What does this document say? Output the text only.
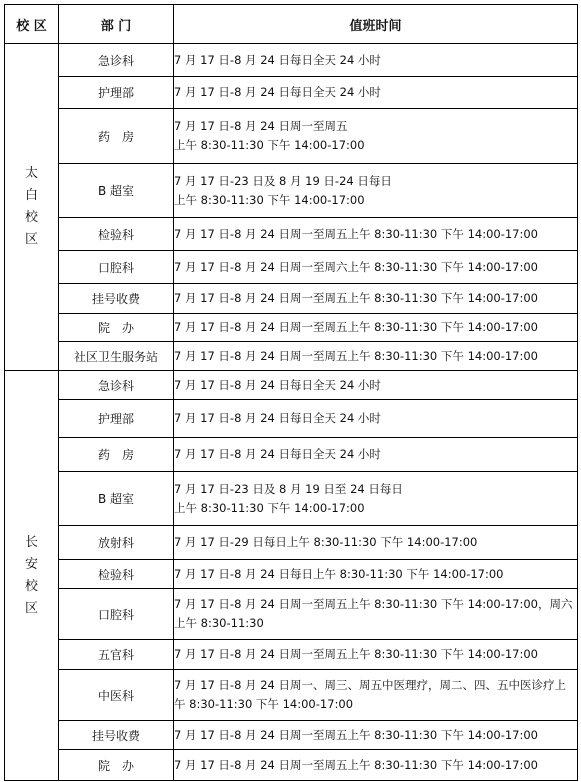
校 区	部 门	值班时间
太白校区	急诊科	7 月 17 日-8 月 24 日每日全天 24 小时
	护理部	7 月 17 日-8 月 24 日每日全天 24 小时
	药　房	7 月 17 日-8 月 24 日周一至周五
上午 8:30-11:30 下午 14:00-17:00
	B 超室	7 月 17 日-23 日及 8 月 19 日-24 日每日
上午 8:30-11:30 下午 14:00-17:00
	检验科	7 月 17 日-8 月 24 日周一至周五上午 8:30-11:30 下午 14:00-17:00
	口腔科	7 月 17 日-8 月 24 日周一至周六上午 8:30-11:30 下午 14:00-17:00
	挂号收费	7 月 17 日-8 月 24 日周一至周五上午 8:30-11:30 下午 14:00-17:00
	院　办	7 月 17 日-8 月 24 日周一至周五上午 8:30-11:30 下午 14:00-17:00
	社区卫生服务站	7 月 17 日-8 月 24 日周一至周五上午 8:30-11:30 下午 14:00-17:00
长安校区	急诊科	7 月 17 日-8 月 24 日每日全天 24 小时
	护理部	7 月 17 日-8 月 24 日每日全天 24 小时
	药　房	7 月 17 日-8 月 24 日每日全天 24 小时
	B 超室	7 月 17 日-23 日及 8 月 19 日至 24 日每日
上午 8:30-11:30 下午 14:00-17:00
	放射科	7 月 17 日-29 日每日上午 8:30-11:30 下午 14:00-17:00
	检验科	7 月 17 日-8 月 24 日每日上午 8:30-11:30 下午 14:00-17:00
	口腔科	7 月 17 日-8 月 24 日周一至周五上午 8:30-11:30 下午 14:00-17:00，周六上午 8:30-11:30
	五官科	7 月 17 日-8 月 24 日周一至周五上午 8:30-11:30 下午 14:00-17:00
	中医科	7 月 17 日-8 月 24 日周一、周三、周五中医理疗，周二、四、五中医诊疗上午 8:30-11:30 下午 14:00-17:00
	挂号收费	7 月 17 日-8 月 24 日周一至周五上午 8:30-11:30 下午 14:00-17:00
	院　办	7 月 17 日-8 月 24 日周一至周五上午 8:30-11:30 下午 14:00-17:00
